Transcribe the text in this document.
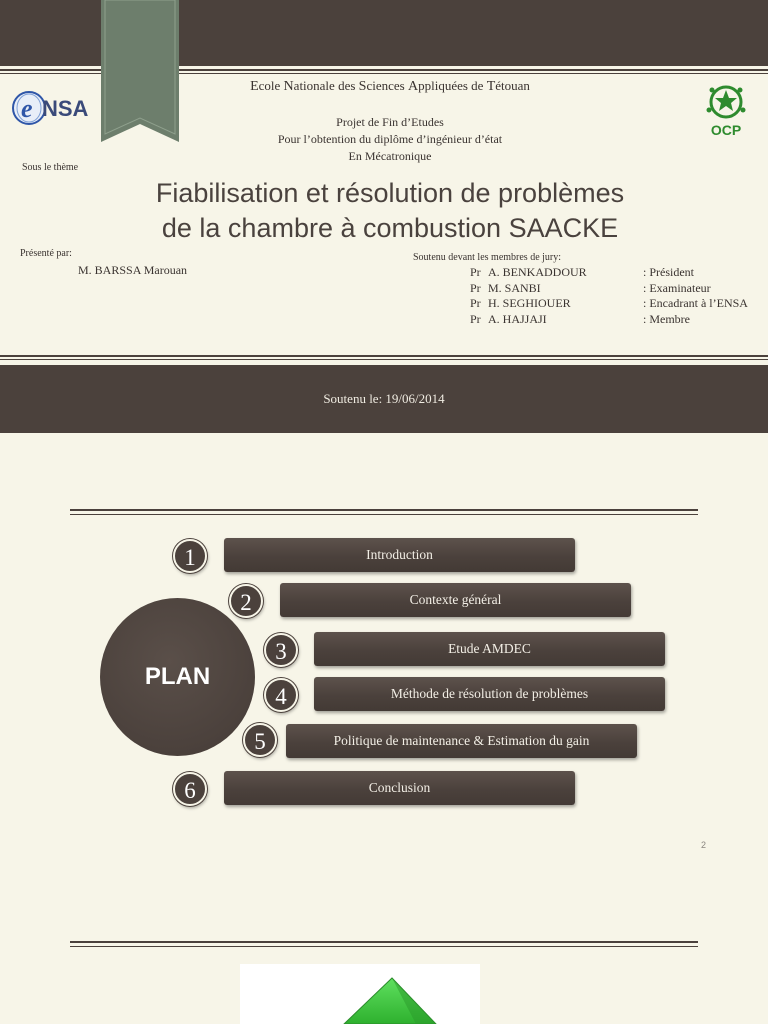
Ecole Nationale des Sciences Appliquées de Tétouan
Projet de Fin d’Etudes
Pour l’obtention du diplôme d’ingénieur d’état
En Mécatronique
e NSA
OCP
Sous le thème
Fiabilisation et résolution de problèmes
de la chambre à combustion SAACKE
Présenté par:
M. BARSSA Marouan
Soutenu devant les membres de jury:
Pr A. BENKADDOUR	: Président
Pr M. SANBI	: Examinateur
Pr H. SEGHIOUER	: Encadrant à l’ENSA
Pr A. HAJJAJI	: Membre
Soutenu le: 19/06/2014
PLAN
Introduction
1
Contexte général
2
Etude AMDEC
3
Méthode de résolution de problèmes
4
Politique de maintenance & Estimation du gain
5
Conclusion
6
2
